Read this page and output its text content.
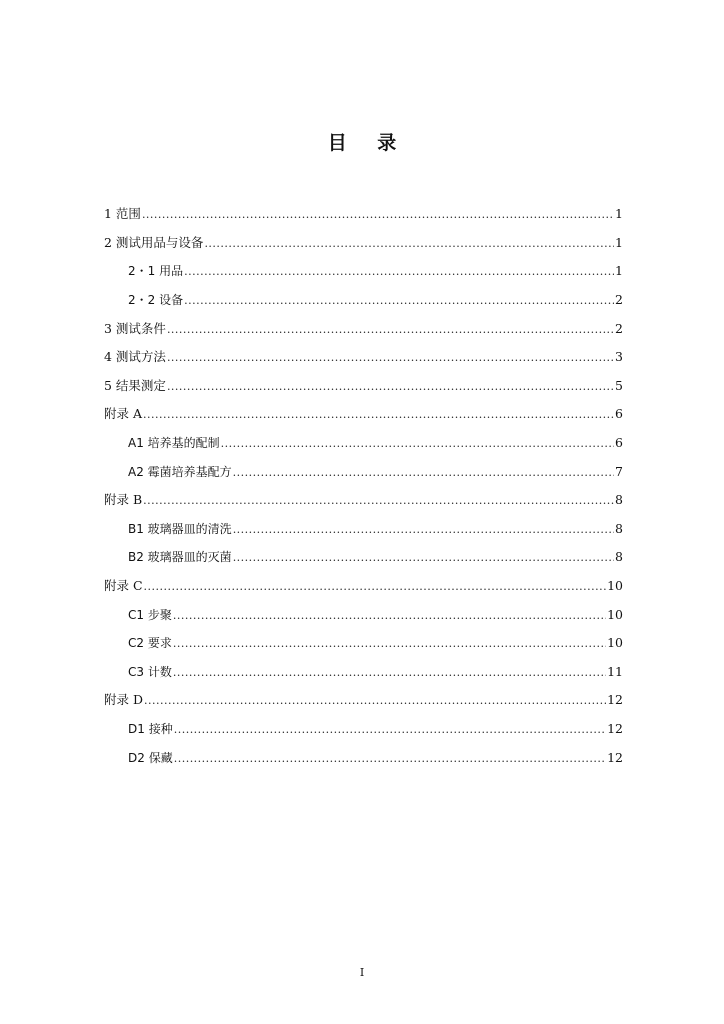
目 录
1 范围 .....	1
2 测试用品与设备 .....	1
2・1 用品 .....	1
2・2 设备 .....	2
3 测试条件 .....	2
4 测试方法 .....	3
5 结果测定 .....	5
附录 A .....	6
A1 培养基的配制 .....	6
A2 霉菌培养基配方 .....	7
附录 B .....	8
B1 玻璃器皿的清洗 .....	8
B2 玻璃器皿的灭菌 .....	8
附录 C .....	10
C1 步聚 .....	10
C2 要求 .....	10
C3 计数 .....	11
附录 D .....	12
D1 接种 .....	12
D2 保藏 .....	12
I
